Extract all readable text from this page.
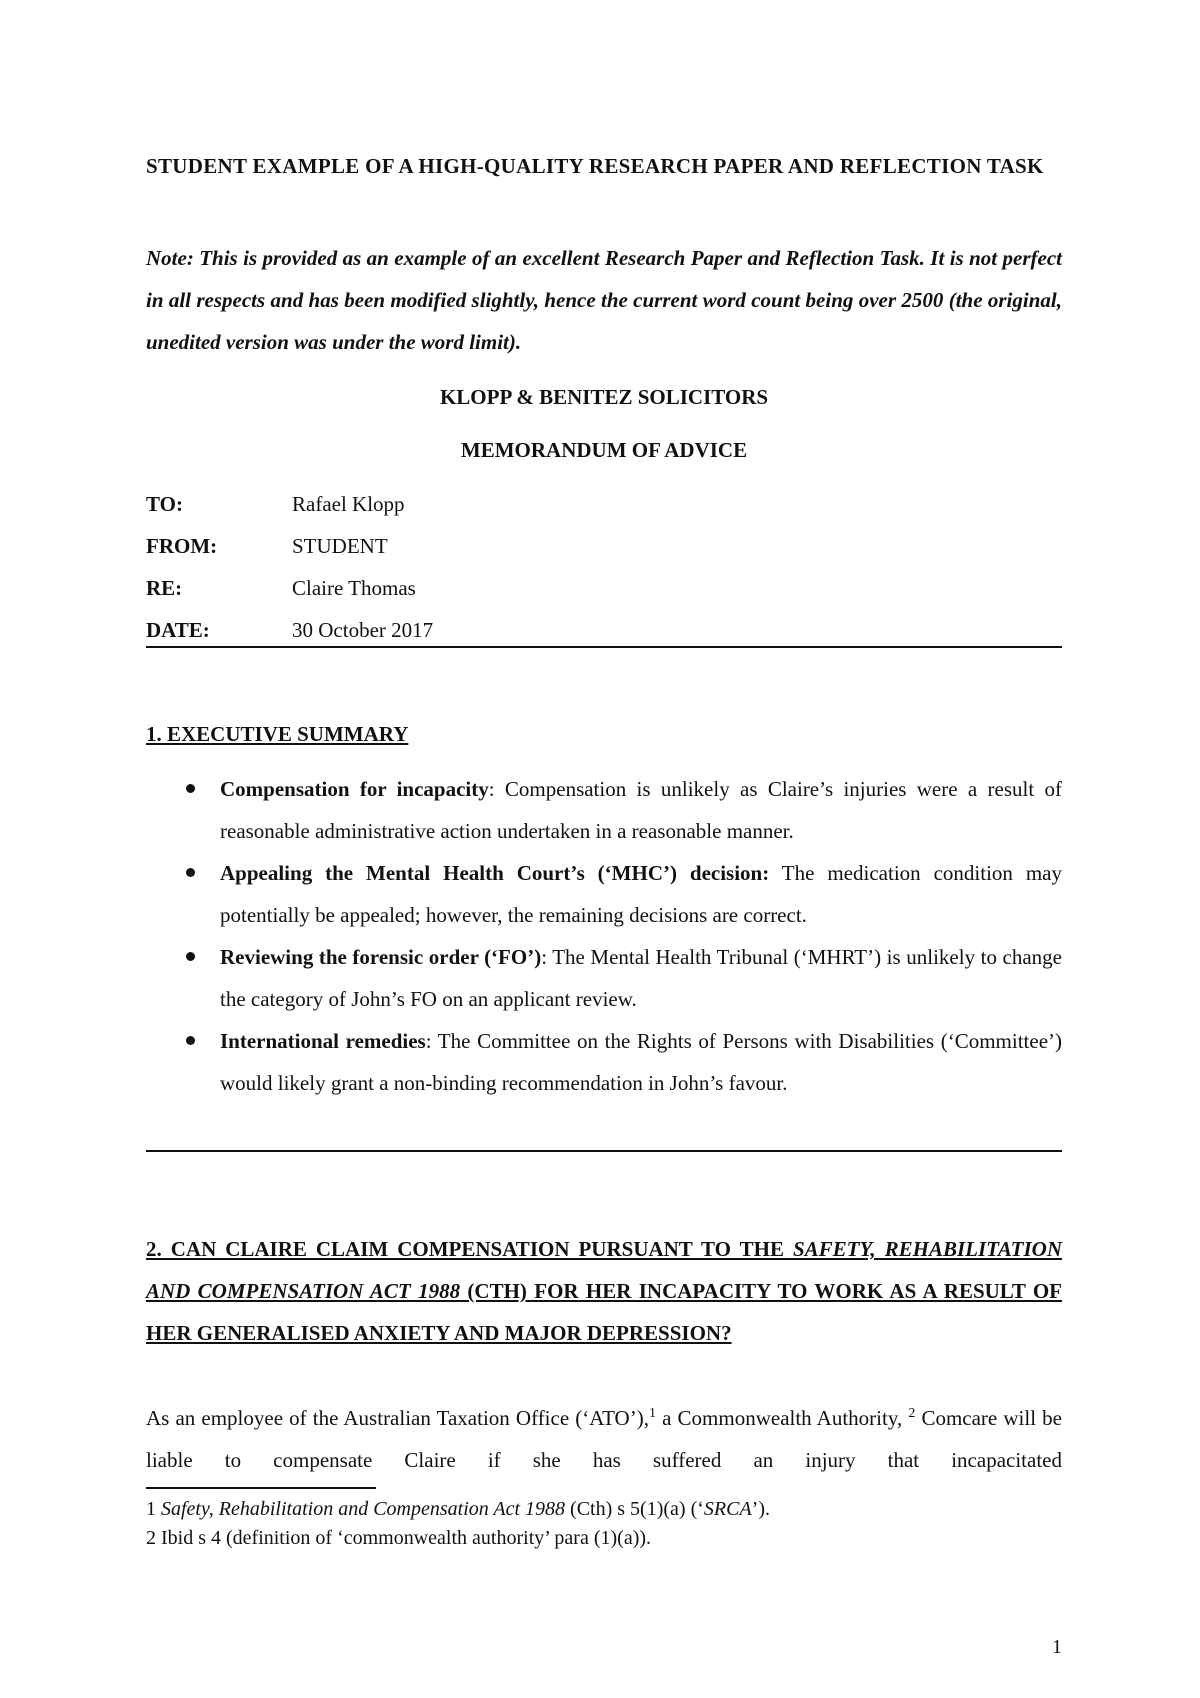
STUDENT EXAMPLE OF A HIGH-QUALITY RESEARCH PAPER AND REFLECTION TASK
Note: This is provided as an example of an excellent Research Paper and Reflection Task. It is not perfect in all respects and has been modified slightly, hence the current word count being over 2500 (the original, unedited version was under the word limit).
KLOPP & BENITEZ SOLICITORS
MEMORANDUM OF ADVICE
TO:	Rafael Klopp
FROM:	STUDENT
RE:	Claire Thomas
DATE:	30 October 2017
1. EXECUTIVE SUMMARY
Compensation for incapacity: Compensation is unlikely as Claire’s injuries were a result of reasonable administrative action undertaken in a reasonable manner.
Appealing the Mental Health Court’s (‘MHC’) decision: The medication condition may potentially be appealed; however, the remaining decisions are correct.
Reviewing the forensic order (‘FO’): The Mental Health Tribunal (‘MHRT’) is unlikely to change the category of John’s FO on an applicant review.
International remedies: The Committee on the Rights of Persons with Disabilities (‘Committee’) would likely grant a non-binding recommendation in John’s favour.
2. CAN CLAIRE CLAIM COMPENSATION PURSUANT TO THE SAFETY, REHABILITATION AND COMPENSATION ACT 1988 (CTH) FOR HER INCAPACITY TO WORK AS A RESULT OF HER GENERALISED ANXIETY AND MAJOR DEPRESSION?
As an employee of the Australian Taxation Office (‘ATO’),$^1$ a Commonwealth Authority, $^2$ Comcare will be liable to compensate Claire if she has suffered an injury that incapacitated
1 Safety, Rehabilitation and Compensation Act 1988 (Cth) s 5(1)(a) (‘SRCA’).
2 Ibid s 4 (definition of ‘commonwealth authority’ para (1)(a)).
1
